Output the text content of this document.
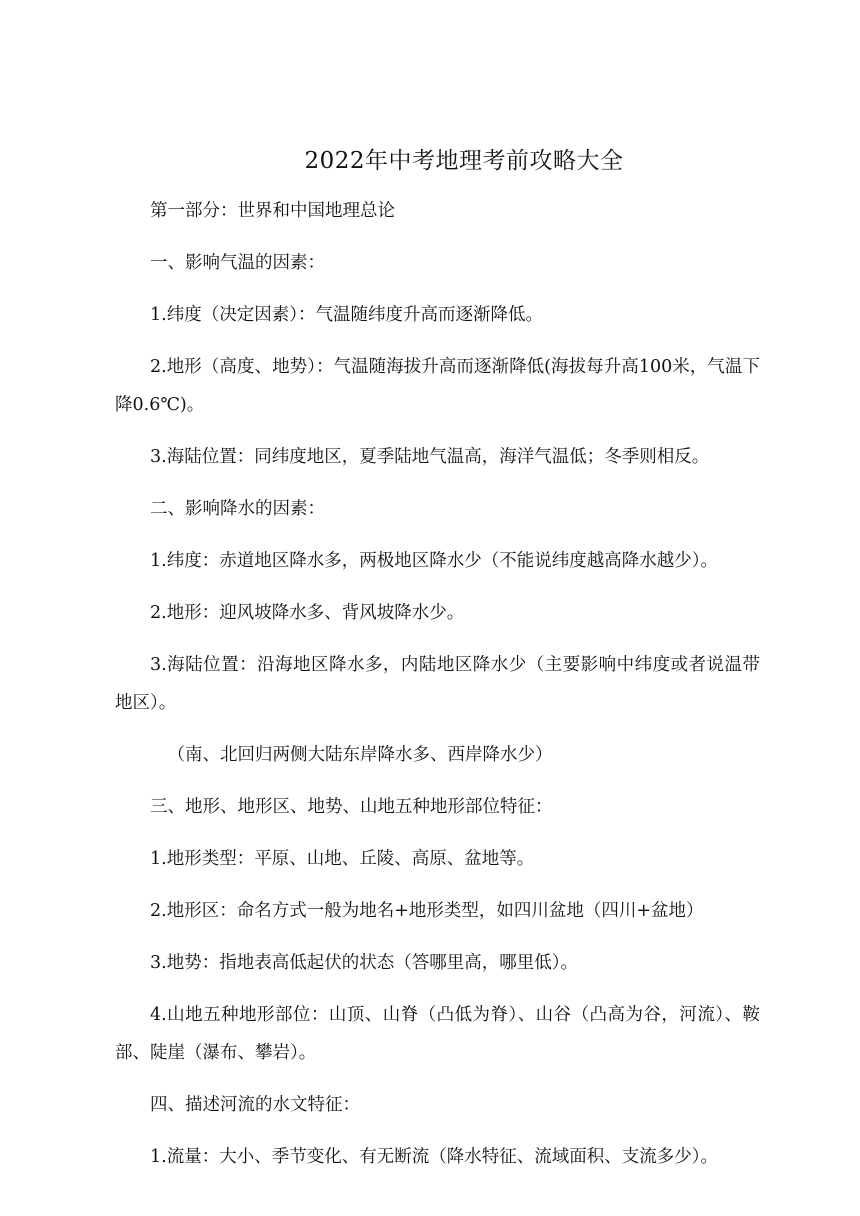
2022年中考地理考前攻略大全

第一部分：世界和中国地理总论

一、影响气温的因素：

1.纬度（决定因素）：气温随纬度升高而逐渐降低。

2.地形（高度、地势）：气温随海拔升高而逐渐降低(海拔每升高100米，气温下降0.6℃)。

3.海陆位置：同纬度地区，夏季陆地气温高，海洋气温低；冬季则相反。

二、影响降水的因素：

1.纬度：赤道地区降水多，两极地区降水少（不能说纬度越高降水越少）。

2.地形：迎风坡降水多、背风坡降水少。

3.海陆位置：沿海地区降水多，内陆地区降水少（主要影响中纬度或者说温带地区）。

（南、北回归两侧大陆东岸降水多、西岸降水少）

三、地形、地形区、地势、山地五种地形部位特征：

1.地形类型：平原、山地、丘陵、高原、盆地等。

2.地形区：命名方式一般为地名+地形类型，如四川盆地（四川+盆地）

3.地势：指地表高低起伏的状态（答哪里高，哪里低）。

4.山地五种地形部位：山顶、山脊（凸低为脊）、山谷（凸高为谷，河流）、鞍部、陡崖（瀑布、攀岩）。

四、描述河流的水文特征：

1.流量：大小、季节变化、有无断流（降水特征、流域面积、支流多少）。
